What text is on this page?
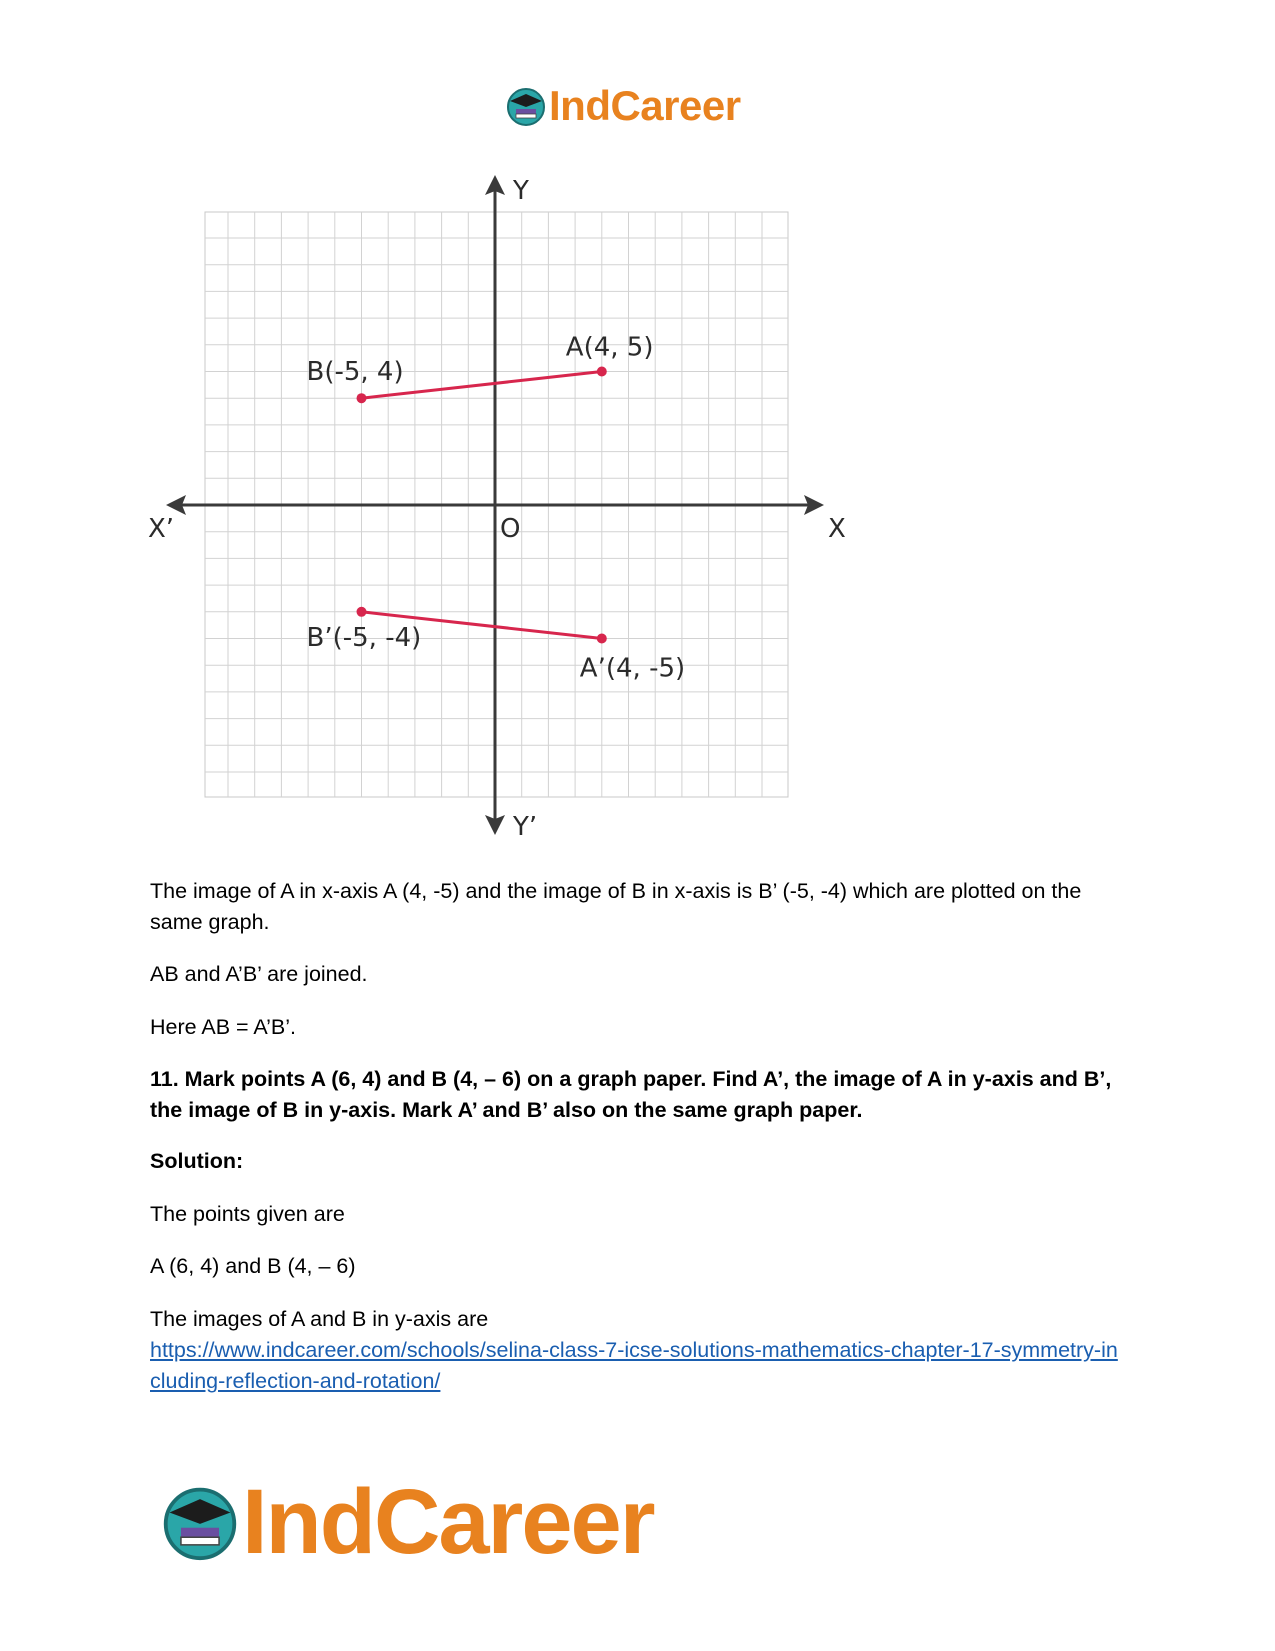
IndCareer
Y
Y’
X
X’	O
A(4, 5)
B(-5, 4)
A’(4, -5)
B’(-5, -4)
The image of A in x-axis A (4, -5) and the image of B in x-axis is B’ (-5, -4) which are plotted on the same graph.
AB and A’B’ are joined.
Here AB = A’B’.
11. Mark points A (6, 4) and B (4, – 6) on a graph paper. Find A’, the image of A in y-axis and B’, the image of B in y-axis. Mark A’ and B’ also on the same graph paper.
Solution:
The points given are
A (6, 4) and B (4, – 6)
The images of A and B in y-axis are
https://www.indcareer.com/schools/selina-class-7-icse-solutions-mathematics-chapter-17-symmetry-including-reflection-and-rotation/
IndCareer
